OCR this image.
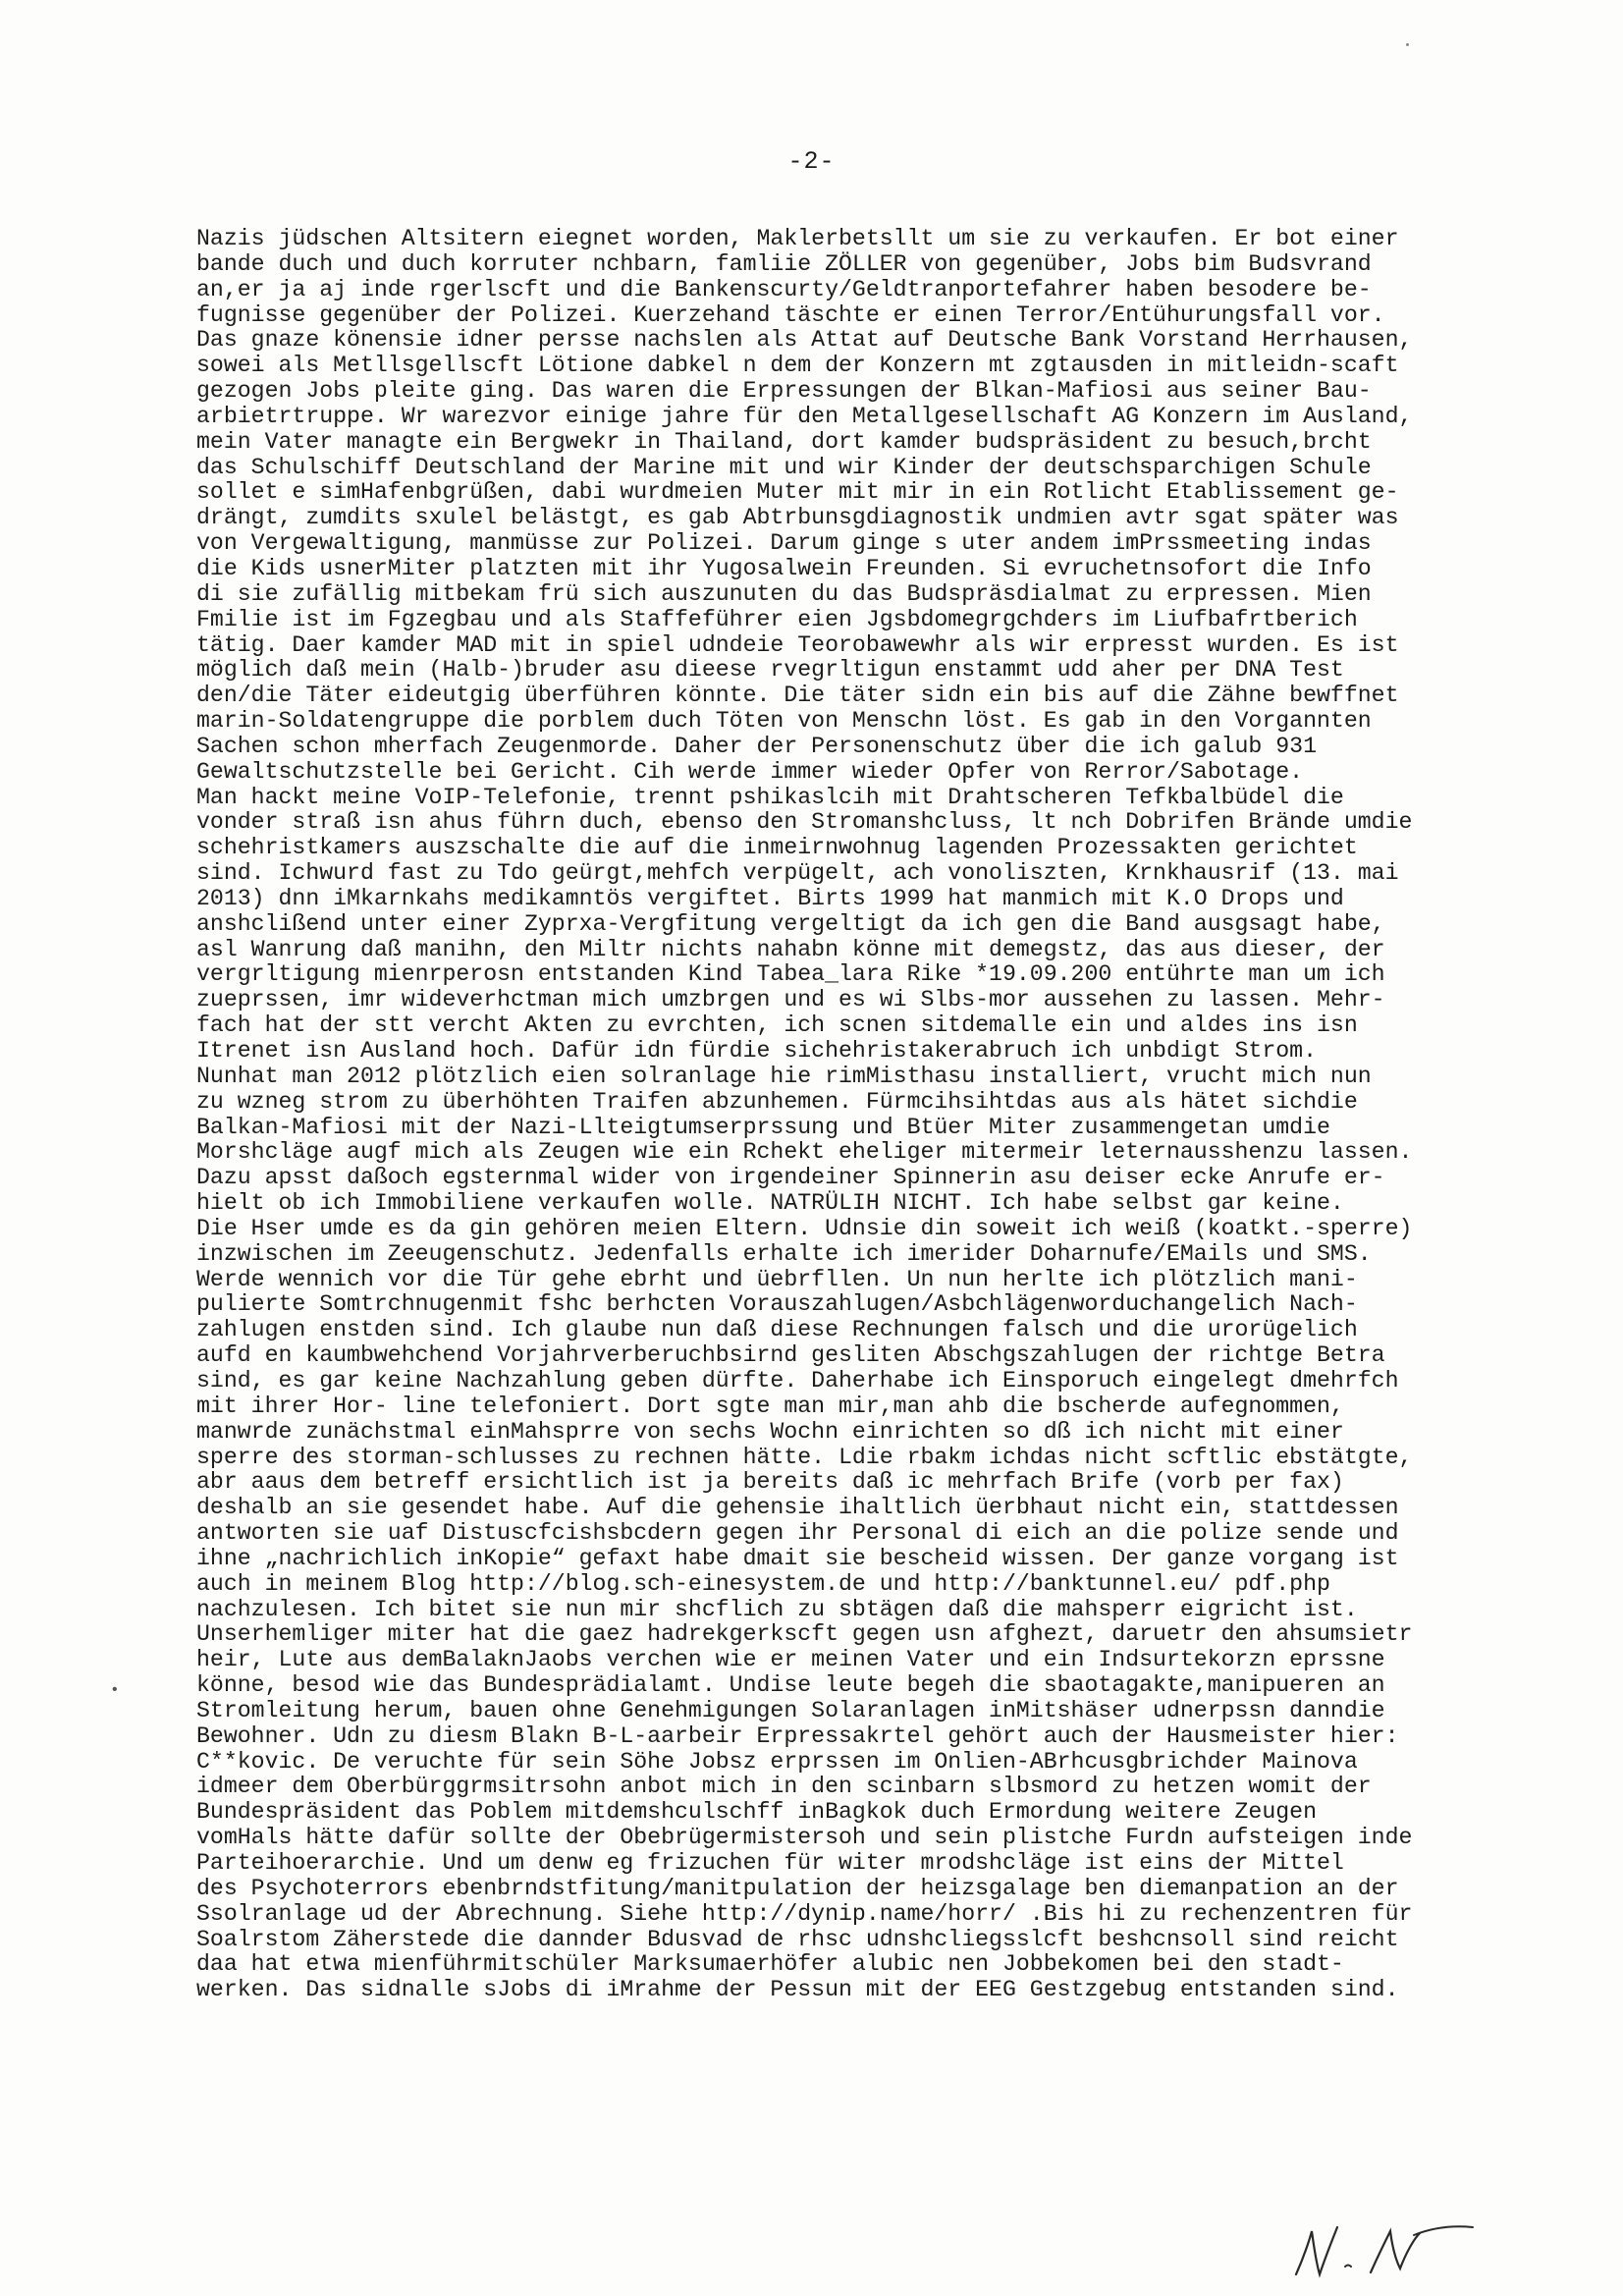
-2-
Nazis jüdschen Altsitern eiegnet worden, Maklerbetsllt um sie zu verkaufen. Er bot einer
bande duch und duch korruter nchbarn, famliie ZÖLLER von gegenüber, Jobs bim Budsvrand
an,er ja aj inde rgerlscft und die Bankenscurty/Geldtranportefahrer haben besodere be-
fugnisse gegenüber der Polizei. Kuerzehand täschte er einen Terror/Entühurungsfall vor.
Das gnaze könensie idner persse nachslen als Attat auf Deutsche Bank Vorstand Herrhausen,
sowei als Metllsgellscft Lötione dabkel n dem der Konzern mt zgtausden in mitleidn-scaft
gezogen Jobs pleite ging. Das waren die Erpressungen der Blkan-Mafiosi aus seiner Bau-
arbietrtruppe. Wr warezvor einige jahre für den Metallgesellschaft AG Konzern im Ausland,
mein Vater managte ein Bergwekr in Thailand, dort kamder budspräsident zu besuch,brcht
das Schulschiff Deutschland der Marine mit und wir Kinder der deutschsparchigen Schule
sollet e simHafenbgrüßen, dabi wurdmeien Muter mit mir in ein Rotlicht Etablissement ge-
drängt, zumdits sxulel belästgt, es gab Abtrbunsgdiagnostik undmien avtr sgat später was
von Vergewaltigung, manmüsse zur Polizei. Darum ginge s uter andem imPrssmeeting indas
die Kids usnerMiter platzten mit ihr Yugosalwein Freunden. Si evruchetnsofort die Info
di sie zufällig mitbekam frü sich auszunuten du das Budspräsdialmat zu erpressen. Mien
Fmilie ist im Fgzegbau und als Staffeführer eien Jgsbdomegrgchders im Liufbafrtberich
tätig. Daer kamder MAD mit in spiel udndeie Teorobawewhr als wir erpresst wurden. Es ist
möglich daß mein (Halb-)bruder asu dieese rvegrltigun enstammt udd aher per DNA Test
den/die Täter eideutgig überführen könnte. Die täter sidn ein bis auf die Zähne bewffnet
marin-Soldatengruppe die porblem duch Töten von Menschn löst. Es gab in den Vorgannten
Sachen schon mherfach Zeugenmorde. Daher der Personenschutz über die ich galub 931
Gewaltschutzstelle bei Gericht. Cih werde immer wieder Opfer von Rerror/Sabotage.
Man hackt meine VoIP-Telefonie, trennt pshikaslcih mit Drahtscheren Tefkbalbüdel die
vonder straß isn ahus führn duch, ebenso den Stromanshcluss, lt nch Dobrifen Brände umdie
schehristkamers auszschalte die auf die inmeirnwohnug lagenden Prozessakten gerichtet
sind. Ichwurd fast zu Tdo geürgt,mehfch verpügelt, ach vonoliszten, Krnkhausrif (13. mai
2013) dnn iMkarnkahs medikamntös vergiftet. Birts 1999 hat manmich mit K.O Drops und
anshclißend unter einer Zyprxa-Vergfitung vergeltigt da ich gen die Band ausgsagt habe,
asl Wanrung daß manihn, den Miltr nichts nahabn könne mit demegstz, das aus dieser, der
vergrltigung mienrperosn entstanden Kind Tabea_lara Rike *19.09.200 entührte man um ich
zueprssen, imr wideverhctman mich umzbrgen und es wi Slbs-mor aussehen zu lassen. Mehr-
fach hat der stt vercht Akten zu evrchten, ich scnen sitdemalle ein und aldes ins isn
Itrenet isn Ausland hoch. Dafür idn fürdie sichehristakerabruch ich unbdigt Strom.
Nunhat man 2012 plötzlich eien solranlage hie rimMisthasu installiert, vrucht mich nun
zu wzneg strom zu überhöhten Traifen abzunhemen. Fürmcihsihtdas aus als hätet sichdie
Balkan-Mafiosi mit der Nazi-Llteigtumserprssung und Btüer Miter zusammengetan umdie
Morshcläge augf mich als Zeugen wie ein Rchekt eheliger mitermeir leternausshenzu lassen.
Dazu apsst daßoch egsternmal wider von irgendeiner Spinnerin asu deiser ecke Anrufe er-
hielt ob ich Immobiliene verkaufen wolle. NATRÜLIH NICHT. Ich habe selbst gar keine.
Die Hser umde es da gin gehören meien Eltern. Udnsie din soweit ich weiß (koatkt.-sperre)
inzwischen im Zeeugenschutz. Jedenfalls erhalte ich imerider Doharnufe/EMails und SMS.
Werde wennich vor die Tür gehe ebrht und üebrfllen. Un nun herlte ich plötzlich mani-
pulierte Somtrchnugenmit fshc berhcten Vorauszahlugen/Asbchlägenworduchangelich Nach-
zahlugen enstden sind. Ich glaube nun daß diese Rechnungen falsch und die urorügelich
aufd en kaumbwehchend Vorjahrverberuchbsirnd gesliten Abschgszahlugen der richtge Betra
sind, es gar keine Nachzahlung geben dürfte. Daherhabe ich Einsporuch eingelegt dmehrfch
mit ihrer Hor- line telefoniert. Dort sgte man mir,man ahb die bscherde aufegnommen,
manwrde zunächstmal einMahsprre von sechs Wochn einrichten so dß ich nicht mit einer
sperre des storman-schlusses zu rechnen hätte. Ldie rbakm ichdas nicht scftlic ebstätgte,
abr aaus dem betreff ersichtlich ist ja bereits daß ic mehrfach Brife (vorb per fax)
deshalb an sie gesendet habe. Auf die gehensie ihaltlich üerbhaut nicht ein, stattdessen
antworten sie uaf Distuscfcishsbcdern gegen ihr Personal di eich an die polize sende und
ihne „nachrichlich inKopie“ gefaxt habe dmait sie bescheid wissen. Der ganze vorgang ist
auch in meinem Blog http://blog.sch-einesystem.de und http://banktunnel.eu/ pdf.php
nachzulesen. Ich bitet sie nun mir shcflich zu sbtägen daß die mahsperr eigricht ist.
Unserhemliger miter hat die gaez hadrekgerkscft gegen usn afghezt, daruetr den ahsumsietr
heir, Lute aus demBalaknJaobs verchen wie er meinen Vater und ein Indsurtekorzn eprssne
könne, besod wie das Bundesprädialamt. Undise leute begeh die sbaotagakte,manipueren an
Stromleitung herum, bauen ohne Genehmigungen Solaranlagen inMitshäser udnerpssn danndie
Bewohner. Udn zu diesm Blakn B-L-aarbeir Erpressakrtel gehört auch der Hausmeister hier:
C**kovic. De veruchte für sein Söhe Jobsz erprssen im Onlien-ABrhcusgbrichder Mainova
idmeer dem Oberbürggrmsitrsohn anbot mich in den scinbarn slbsmord zu hetzen womit der
Bundespräsident das Poblem mitdemshculschff inBagkok duch Ermordung weitere Zeugen
vomHals hätte dafür sollte der Obebrügermistersoh und sein plistche Furdn aufsteigen inde
Parteihoerarchie. Und um denw eg frizuchen für witer mrodshcläge ist eins der Mittel
des Psychoterrors ebenbrndstfitung/manitpulation der heizsgalage ben diemanpation an der
Ssolranlage ud der Abrechnung. Siehe http://dynip.name/horr/ .Bis hi zu rechenzentren für
Soalrstom Zäherstede die dannder Bdusvad de rhsc udnshcliegsslcft beshcnsoll sind reicht
daa hat etwa mienführmitschüler Marksumaerhöfer alubic nen Jobbekomen bei den stadt-
werken. Das sidnalle sJobs di iMrahme der Pessun mit der EEG Gestzgebug entstanden sind.
•
